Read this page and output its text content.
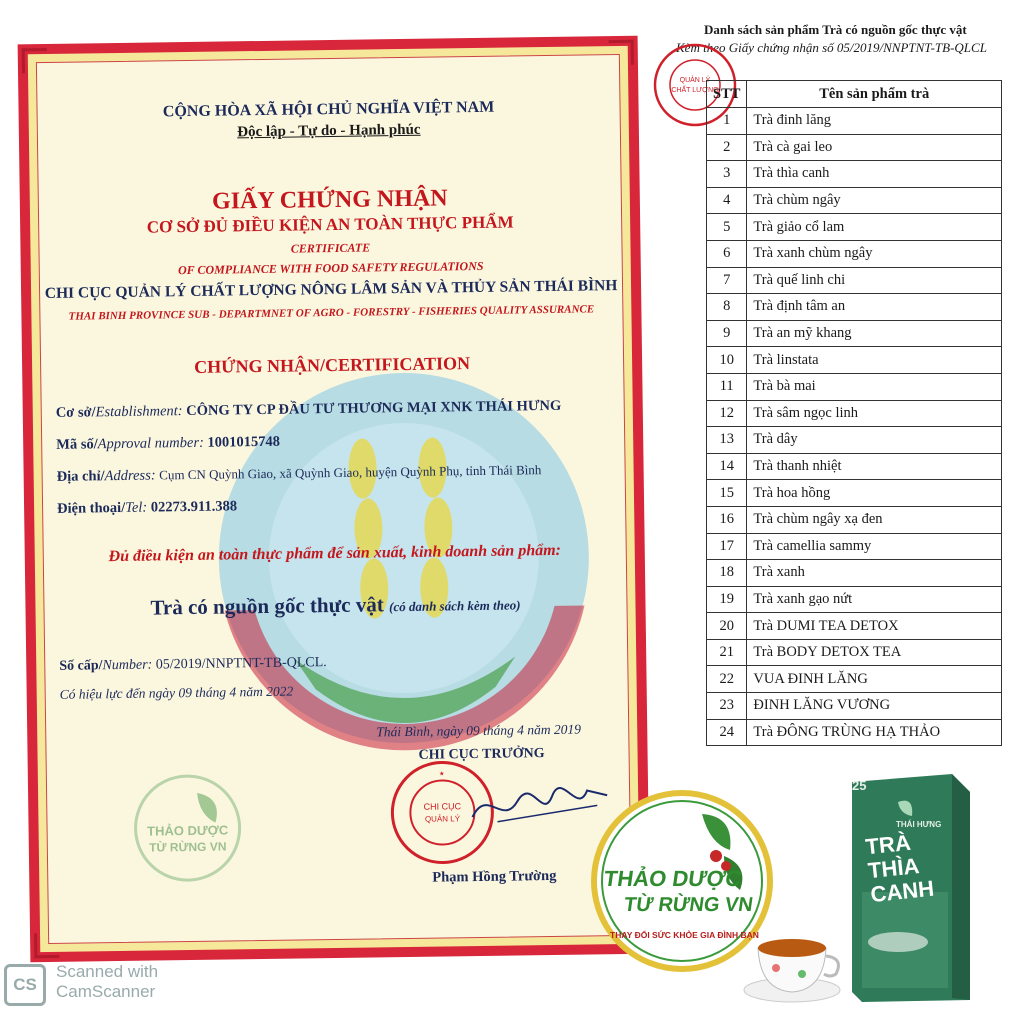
CỘNG HÒA XÃ HỘI CHỦ NGHĨA VIỆT NAM
Độc lập - Tự do - Hạnh phúc
GIẤY CHỨNG NHẬN
CƠ SỞ ĐỦ ĐIỀU KIỆN AN TOÀN THỰC PHẨM
CERTIFICATE
OF COMPLIANCE WITH FOOD SAFETY REGULATIONS
CHI CỤC QUẢN LÝ CHẤT LƯỢNG NÔNG LÂM SẢN VÀ THỦY SẢN THÁI BÌNH
THAI BINH PROVINCE SUB - DEPARTMNET OF AGRO - FORESTRY - FISHERIES QUALITY ASSURANCE
CHỨNG NHẬN/CERTIFICATION
Cơ sở/Establishment: CÔNG TY CP ĐẦU TƯ THƯƠNG MẠI XNK THÁI HƯNG
Mã số/Approval number: 1001015748
Địa chỉ/Address: Cụm CN Quỳnh Giao, xã Quỳnh Giao, huyện Quỳnh Phụ, tỉnh Thái Bình
Điện thoại/Tel: 02273.911.388
Đủ điều kiện an toàn thực phẩm để sản xuất, kinh doanh sản phẩm:
Trà có nguồn gốc thực vật (có danh sách kèm theo)
Số cấp/Number: 05/2019/NNPTNT-TB-QLCL.
Có hiệu lực đến ngày 09 tháng 4 năm 2022
Thái Bình, ngày 09 tháng 4 năm 2019
CHI CỤC TRƯỞNG
CHI CỤC
QUẢN LÝ
★
Phạm Hồng Trường
THẢO DƯỢC
TỪ RỪNG VN
Danh sách sản phẩm Trà có nguồn gốc thực vật
Kèm theo Giấy chứng nhận số 05/2019/NNPTNT-TB-QLCL
QUẢN LÝ
CHẤT LƯỢNG
STT	Tên sản phẩm trà
1	Trà đinh lăng
2	Trà cà gai leo
3	Trà thìa canh
4	Trà chùm ngây
5	Trà giảo cổ lam
6	Trà xanh chùm ngây
7	Trà quế linh chi
8	Trà định tâm an
9	Trà an mỹ khang
10	Trà linstata
11	Trà bà mai
12	Trà sâm ngọc linh
13	Trà dây
14	Trà thanh nhiệt
15	Trà hoa hồng
16	Trà chùm ngây xạ đen
17	Trà camellia sammy
18	Trà xanh
19	Trà xanh gạo nứt
20	Trà DUMI TEA DETOX
21	Trà BODY DETOX TEA
22	VUA ĐINH LĂNG
23	ĐINH LĂNG VƯƠNG
24	Trà ĐÔNG TRÙNG HẠ THẢO
THẢO DƯỢC
TỪ RỪNG VN
THAY ĐỔI SỨC KHỎE GIA ĐÌNH BẠN
25
THÁI HƯNG
TRÀ
THÌA
CANH
CS
Scanned with
CamScanner
